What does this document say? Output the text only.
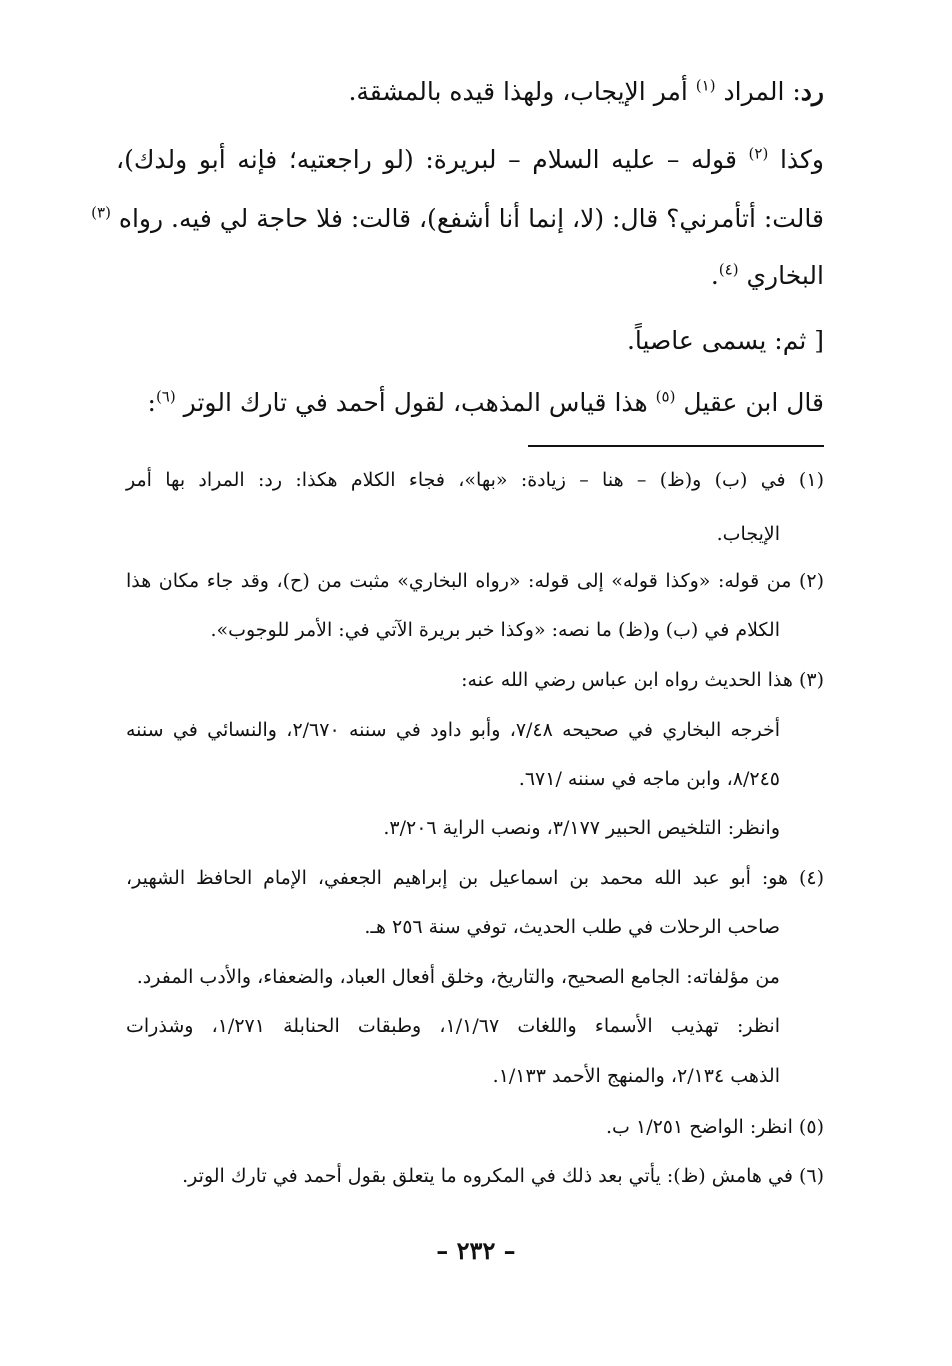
رد: المراد $^{(١)}$ أمر الإيجاب، ولهذا قيده بالمشقة.
وكذا $^{(٢)}$ قوله – عليه السلام – لبريرة: (لو راجعتيه؛ فإنه أبو ولدك)،
قالت: أتأمرني؟ قال: (لا، إنما أنا أشفع)، قالت: فلا حاجة لي فيه. رواه $^{(٣)}$
البخاري $^{(٤)}$.
[ ثم: يسمى عاصياً.
قال ابن عقيل $^{(٥)}$ هذا قياس المذهب، لقول أحمد في تارك الوتر $^{(٦)}$:
(١) في (ب) و(ظ) – هنا – زيادة: «بها»، فجاء الكلام هكذا: رد: المراد بها أمر
الإيجاب.
(٢) من قوله: «وكذا قوله» إلى قوله: «رواه البخاري» مثبت من (ح)، وقد جاء مكان هذا
الكلام في (ب) و(ظ) ما نصه: «وكذا خبر بريرة الآتي في: الأمر للوجوب».
(٣) هذا الحديث رواه ابن عباس رضي الله عنه:
أخرجه البخاري في صحيحه ٧/٤٨، وأبو داود في سننه ٢/٦٧٠، والنسائي في سننه
٨/٢٤٥، وابن ماجه في سننه /٦٧١.
وانظر: التلخيص الحبير ٣/١٧٧، ونصب الراية ٣/٢٠٦.
(٤) هو: أبو عبد الله محمد بن اسماعيل بن إبراهيم الجعفي، الإمام الحافظ الشهير،
صاحب الرحلات في طلب الحديث، توفي سنة ٢٥٦ هـ.
من مؤلفاته: الجامع الصحيح، والتاريخ، وخلق أفعال العباد، والضعفاء، والأدب المفرد.
انظر: تهذيب الأسماء واللغات ١/١/٦٧، وطبقات الحنابلة ١/٢٧١، وشذرات
الذهب ٢/١٣٤، والمنهج الأحمد ١/١٣٣.
(٥) انظر: الواضح ١/٢٥١ ب.
(٦) في هامش (ظ): يأتي بعد ذلك في المكروه ما يتعلق بقول أحمد في تارك الوتر.
– ٢٣٢ –
